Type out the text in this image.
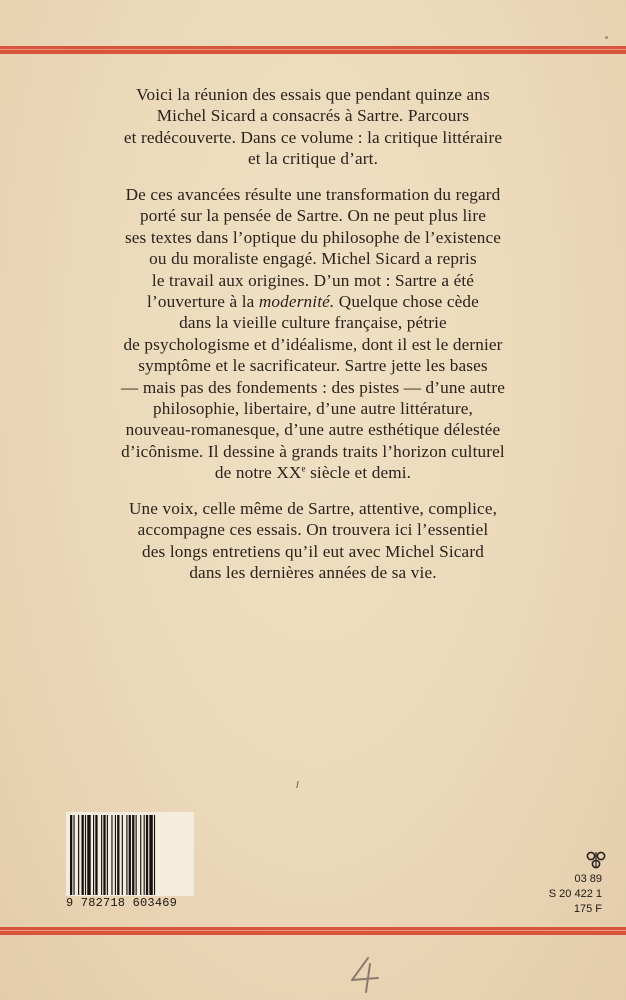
Voici la réunion des essais que pendant quinze ans
Michel Sicard a consacrés à Sartre. Parcours
et redécouverte. Dans ce volume : la critique littéraire
et la critique d’art.

De ces avancées résulte une transformation du regard
porté sur la pensée de Sartre. On ne peut plus lire
ses textes dans l’optique du philosophe de l’existence
ou du moraliste engagé. Michel Sicard a repris
le travail aux origines. D’un mot : Sartre a été
l’ouverture à la modernité. Quelque chose cède
dans la vieille culture française, pétrie
de psychologisme et d’idéalisme, dont il est le dernier
symptôme et le sacrificateur. Sartre jette les bases
— mais pas des fondements : des pistes — d’une autre
philosophie, libertaire, d’une autre littérature,
nouveau-romanesque, d’une autre esthétique délestée
d’icônisme. Il dessine à grands traits l’horizon culturel
de notre XXe siècle et demi.

Une voix, celle même de Sartre, attentive, complice,
accompagne ces essais. On trouvera ici l’essentiel
des longs entretiens qu’il eut avec Michel Sicard
dans les dernières années de sa vie.

9 782718 603469
03 89
S 20 422 1
175 F
